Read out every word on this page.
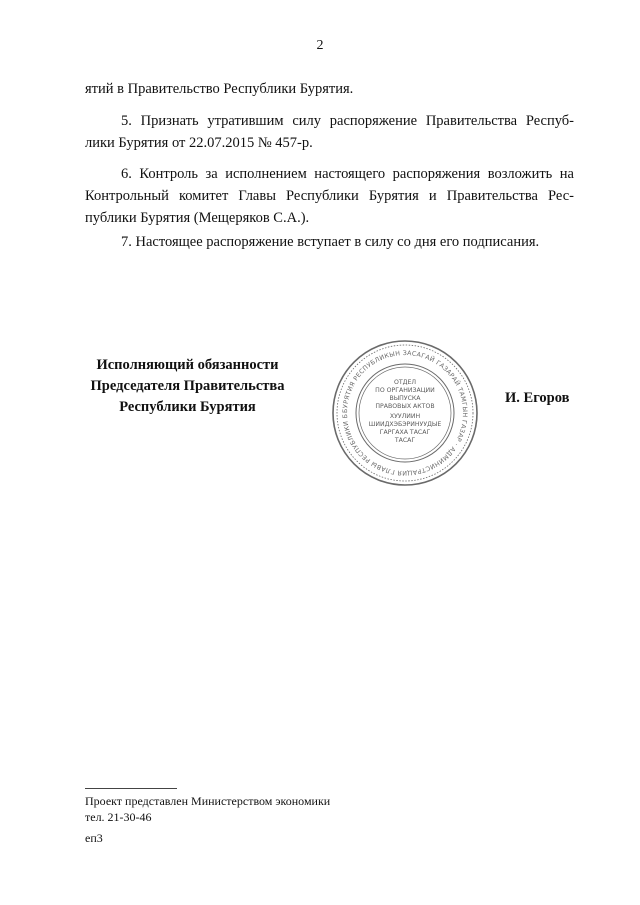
2
ятий в Правительство Республики Бурятия.
5. Признать утратившим силу распоряжение Правительства Респуб-
лики Бурятия от 22.07.2015 № 457-р.
6. Контроль за исполнением настоящего распоряжения возложить на
Контрольный комитет Главы Республики Бурятия и Правительства Рес-
публики Бурятия (Мещеряков С.А.).
7. Настоящее распоряжение вступает в силу со дня его подписания.
Исполняющий обязанности
Председателя Правительства
Республики Бурятия	БУРЯТИЯ РЕСПУБЛИКЫН ЗАСАГАЙ ГАЗАРАЙ ТАМГЫН ГАЗАР · АДМИНИСТРАЦИЯ ГЛАВЫ РЕСПУБЛИКИ Б
ОТДЕЛ
ПО ОРГАНИЗАЦИИ
ВЫПУСКА
ПРАВОВЫХ АКТОВ
ХУУЛИИН
ШИИДХЭБЭРИНУУДЫЕ
ГАРГАХА ТАСАГ
ТАСАГ
И. Егоров
Проект представлен Министерством экономики
тел. 21-30-46
еп3
